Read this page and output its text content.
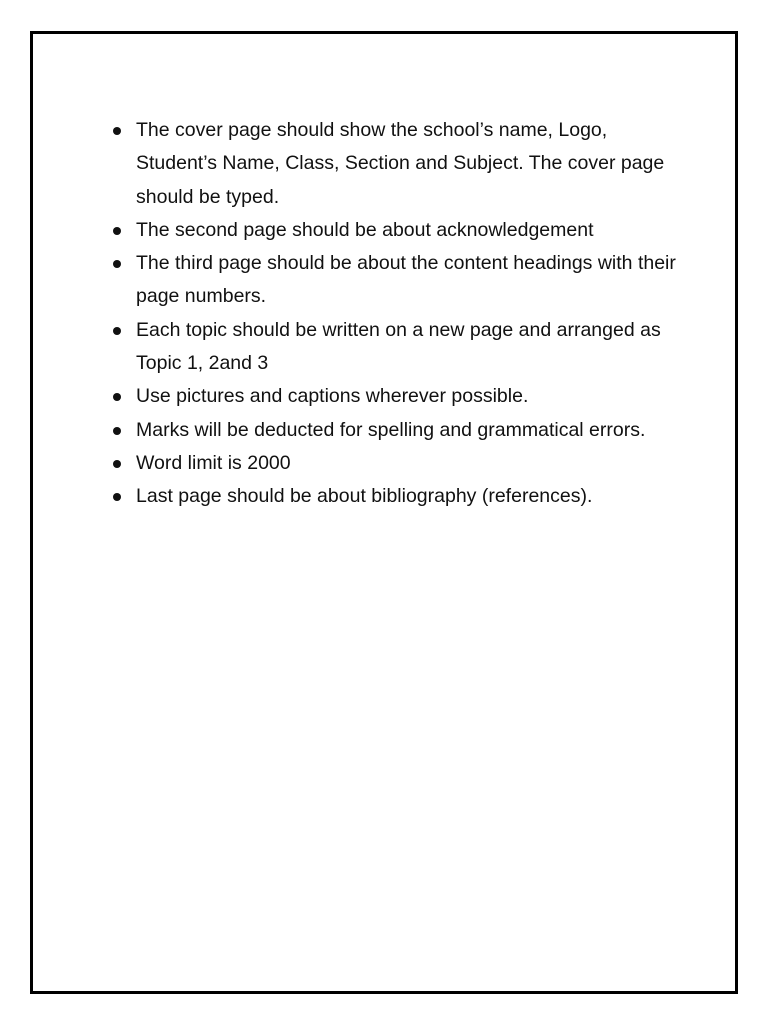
The cover page should show the school’s name, Logo, Student’s Name, Class, Section and Subject. The cover page should be typed.
The second page should be about acknowledgement
The third page should be about the content headings with their page numbers.
Each topic should be written on a new page and arranged as Topic 1, 2and 3
Use pictures and captions wherever possible.
Marks will be deducted for spelling and grammatical errors.
Word limit is 2000
Last page should be about bibliography (references).
